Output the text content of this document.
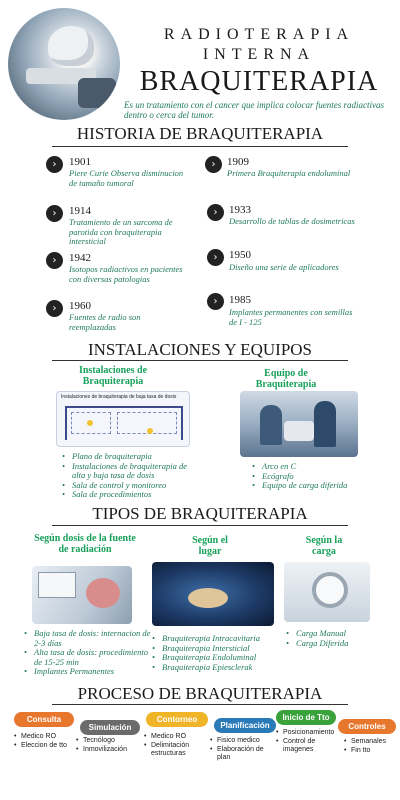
RADIOTERAPIA
INTERNA
BRAQUITERAPIA
Es un tratamiento con el cancer que implica colocar fuentes radiactivas dentro o cerca del tumor.
HISTORIA DE BRAQUITERAPIA
›	1901
Piere Curie Observa disminucion de tamaño tumoral
›	1914
Tratamiento de un sarcoma de parotida con braquiterapia intersticial
›	1942
Isotopos radiactivos en pacientes con diversas patologias
›	1960
Fuentes de radio son reemplazadas
›	1909
Primera Braquiterapia endoluminal
›	1933
Desarrollo de tablas de dosimetricas
›	1950
Diseño una serie de aplicadores
›	1985
Implantes permanentes con semillas de I - 125
INSTALACIONES Y EQUIPOS
Instalaciones de Braquiterapia
Instalaciones de braquiterapia de baja tasa de dosis
• Plano de braquiterapia
• Instalaciones de braquiterapia de alta y baja tasa de dosis
• Sala de control y monitoreo
• Sala de procedimientos
Equipo de Braquiterapia
• Arco en C
• Ecógrafo
• Equipo de carga diferida
TIPOS DE BRAQUITERAPIA
Según dosis de la fuente de radiación
• Baja tasa de dosis: internacion de 2-3 días
• Alta tasa de dosis: procedimiento de 15-25 min
• Implantes Permanentes
Según el lugar
• Braquiterapia Intracavitaria
• Braquiterapia Intersticial
• Braquiterapia Endoluminal
• Braquiterapia Epiesclerak
Según la carga
• Carga Manual
• Carga Diferida
PROCESO DE BRAQUITERAPIA
Consulta
• Medico RO
• Eleccion de tto
Simulación
• Tecnólogo
• Inmovilización
Contorneo
• Medico RO
• Delimitación estructuras
Planificación
• Fisico medico
• Elaboración de plan
Inicio de Tto
• Posicionamiento
• Control de imagenes
Controles
• Semanales
• Fin tto
